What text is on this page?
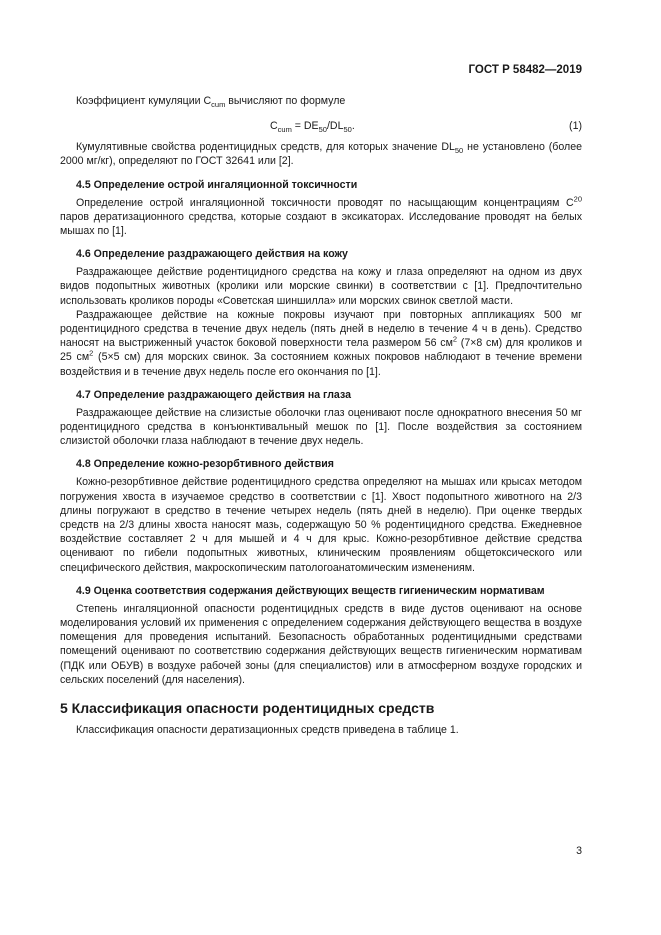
ГОСТ Р 58482—2019

Коэффициент кумуляции $C_{cum}$ вычисляют по формуле

$C_{cum} = DE_{50}/DL_{50}$.	(1)

Кумулятивные свойства родентицидных средств, для которых значение $DL_{50}$ не установлено (более 2000 мг/кг), определяют по ГОСТ 32641 или [2].

4.5 Определение острой ингаляционной токсичности

Определение острой ингаляционной токсичности проводят по насыщающим концентрациям $C^{20}$ паров дератизационного средства, которые создают в эксикаторах. Исследование проводят на белых мышах по [1].

4.6 Определение раздражающего действия на кожу

Раздражающее действие родентицидного средства на кожу и глаза определяют на одном из двух видов подопытных животных (кролики или морские свинки) в соответствии с [1]. Предпочтительно использовать кроликов породы «Советская шиншилла» или морских свинок светлой масти.

Раздражающее действие на кожные покровы изучают при повторных аппликациях 500 мг родентицидного средства в течение двух недель (пять дней в неделю в течение 4 ч в день). Средство наносят на выстриженный участок боковой поверхности тела размером 56 $см^2$ (7×8 см) для кроликов и 25 $см^2$ (5×5 см) для морских свинок. За состоянием кожных покровов наблюдают в течение времени воздействия и в течение двух недель после его окончания по [1].

4.7 Определение раздражающего действия на глаза

Раздражающее действие на слизистые оболочки глаз оценивают после однократного внесения 50 мг родентицидного средства в конъюнктивальный мешок по [1]. После воздействия за состоянием слизистой оболочки глаза наблюдают в течение двух недель.

4.8 Определение кожно-резорбтивного действия

Кожно-резорбтивное действие родентицидного средства определяют на мышах или крысах методом погружения хвоста в изучаемое средство в соответствии с [1]. Хвост подопытного животного на 2/3 длины погружают в средство в течение четырех недель (пять дней в неделю). При оценке твердых средств на 2/3 длины хвоста наносят мазь, содержащую 50 % родентицидного средства. Ежедневное воздействие составляет 2 ч для мышей и 4 ч для крыс. Кожно-резорбтивное действие средства оценивают по гибели подопытных животных, клиническим проявлениям общетоксического или специфического действия, макроскопическим патологоанатомическим изменениям.

4.9 Оценка соответствия содержания действующих веществ гигиеническим нормативам

Степень ингаляционной опасности родентицидных средств в виде дустов оценивают на основе моделирования условий их применения с определением содержания действующего вещества в воздухе помещения для проведения испытаний. Безопасность обработанных родентицидными средствами помещений оценивают по соответствию содержания действующих веществ гигиеническим нормативам (ПДК или ОБУВ) в воздухе рабочей зоны (для специалистов) или в атмосферном воздухе городских и сельских поселений (для населения).

5 Классификация опасности родентицидных средств

Классификация опасности дератизационных средств приведена в таблице 1.

3
